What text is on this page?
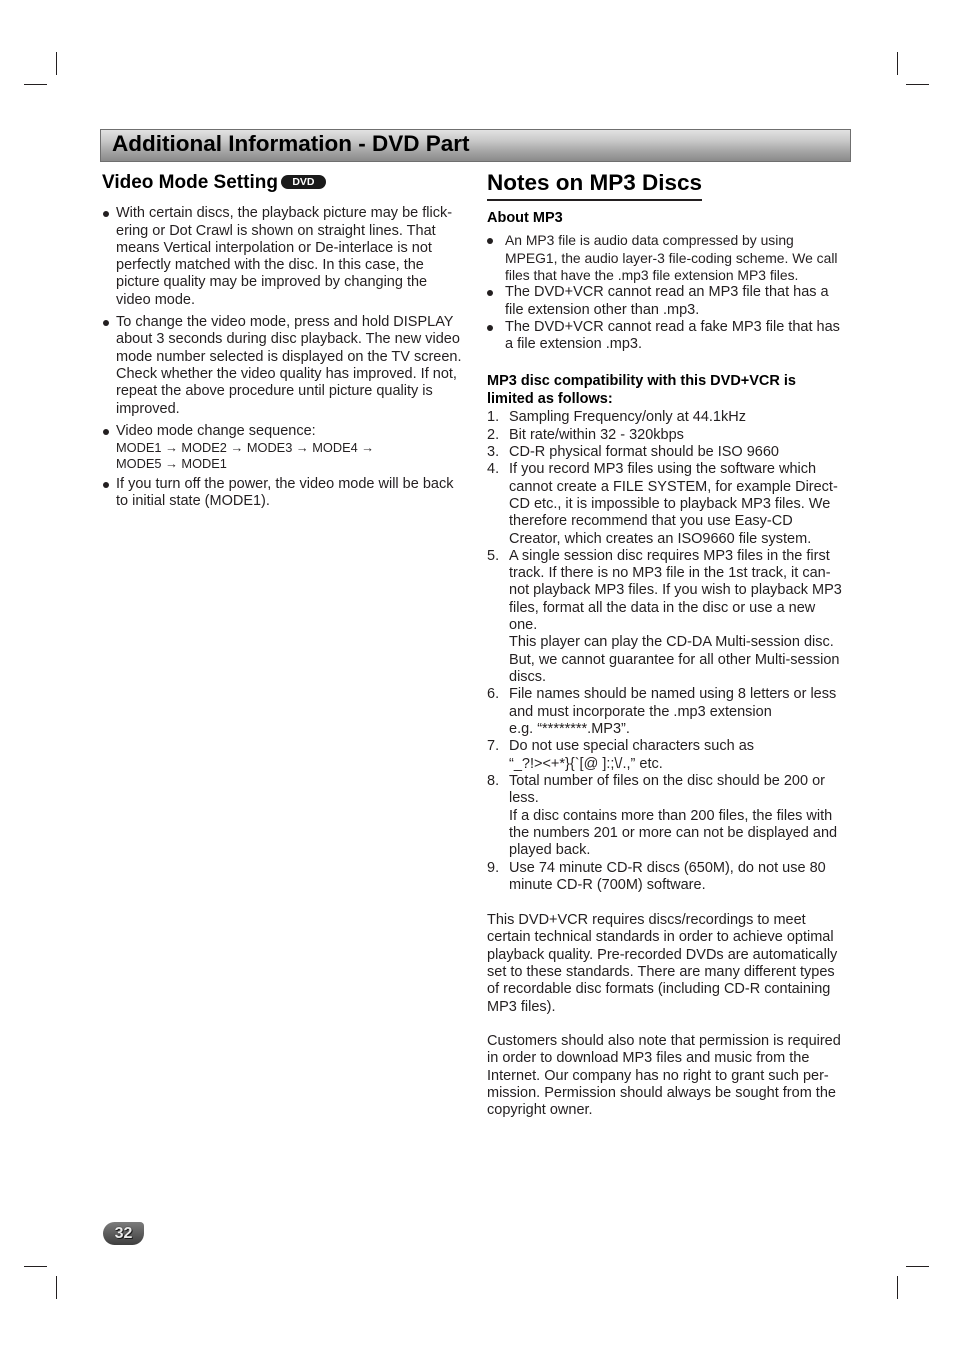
Additional Information - DVD Part
Video Mode Setting DVD
With certain discs, the playback picture may be flick-
ering or Dot Crawl is shown on straight lines. That
means Vertical interpolation or De-interlace is not
perfectly matched with the disc. In this case, the
picture quality may be improved by changing the
video mode.
To change the video mode, press and hold DISPLAY
about 3 seconds during disc playback. The new video
mode number selected is displayed on the TV screen.
Check whether the video quality has improved. If not,
repeat the above procedure until picture quality is
improved.
Video mode change sequence:
MODE1 → MODE2 → MODE3 → MODE4 →
MODE5 → MODE1
If you turn off the power, the video mode will be back
to initial state (MODE1).
Notes on MP3 Discs
About MP3
An MP3 file is audio data compressed by using
MPEG1, the audio layer-3 file-coding scheme. We call
files that have the .mp3 file extension MP3 files.
The DVD+VCR cannot read an MP3 file that has a
file extension other than .mp3.
The DVD+VCR cannot read a fake MP3 file that has
a file extension .mp3.
MP3 disc compatibility with this DVD+VCR is
limited as follows:
1. Sampling Frequency/only at 44.1kHz
2. Bit rate/within 32 - 320kbps
3. CD-R physical format should be ISO 9660
4. If you record MP3 files using the software which
cannot create a FILE SYSTEM, for example Direct-
CD etc., it is impossible to playback MP3 files. We
therefore recommend that you use Easy-CD
Creator, which creates an ISO9660 file system.
5. A single session disc requires MP3 files in the first
track. If there is no MP3 file in the 1st track, it can-
not playback MP3 files. If you wish to playback MP3
files, format all the data in the disc or use a new
one.
This player can play the CD-DA Multi-session disc.
But, we cannot guarantee for all other Multi-session
discs.
6. File names should be named using 8 letters or less
and must incorporate the .mp3 extension
e.g. “********.MP3”.
7. Do not use special characters such as
“_?!><+*}{`[@ ]:;\/.,” etc.
8. Total number of files on the disc should be 200 or
less.
If a disc contains more than 200 files, the files with
the numbers 201 or more can not be displayed and
played back.
9. Use 74 minute CD-R discs (650M), do not use 80
minute CD-R (700M) software.
This DVD+VCR requires discs/recordings to meet
certain technical standards in order to achieve optimal
playback quality. Pre-recorded DVDs are automatically
set to these standards. There are many different types
of recordable disc formats (including CD-R containing
MP3 files).
Customers should also note that permission is required
in order to download MP3 files and music from the
Internet. Our company has no right to grant such per-
mission. Permission should always be sought from the
copyright owner.
32
